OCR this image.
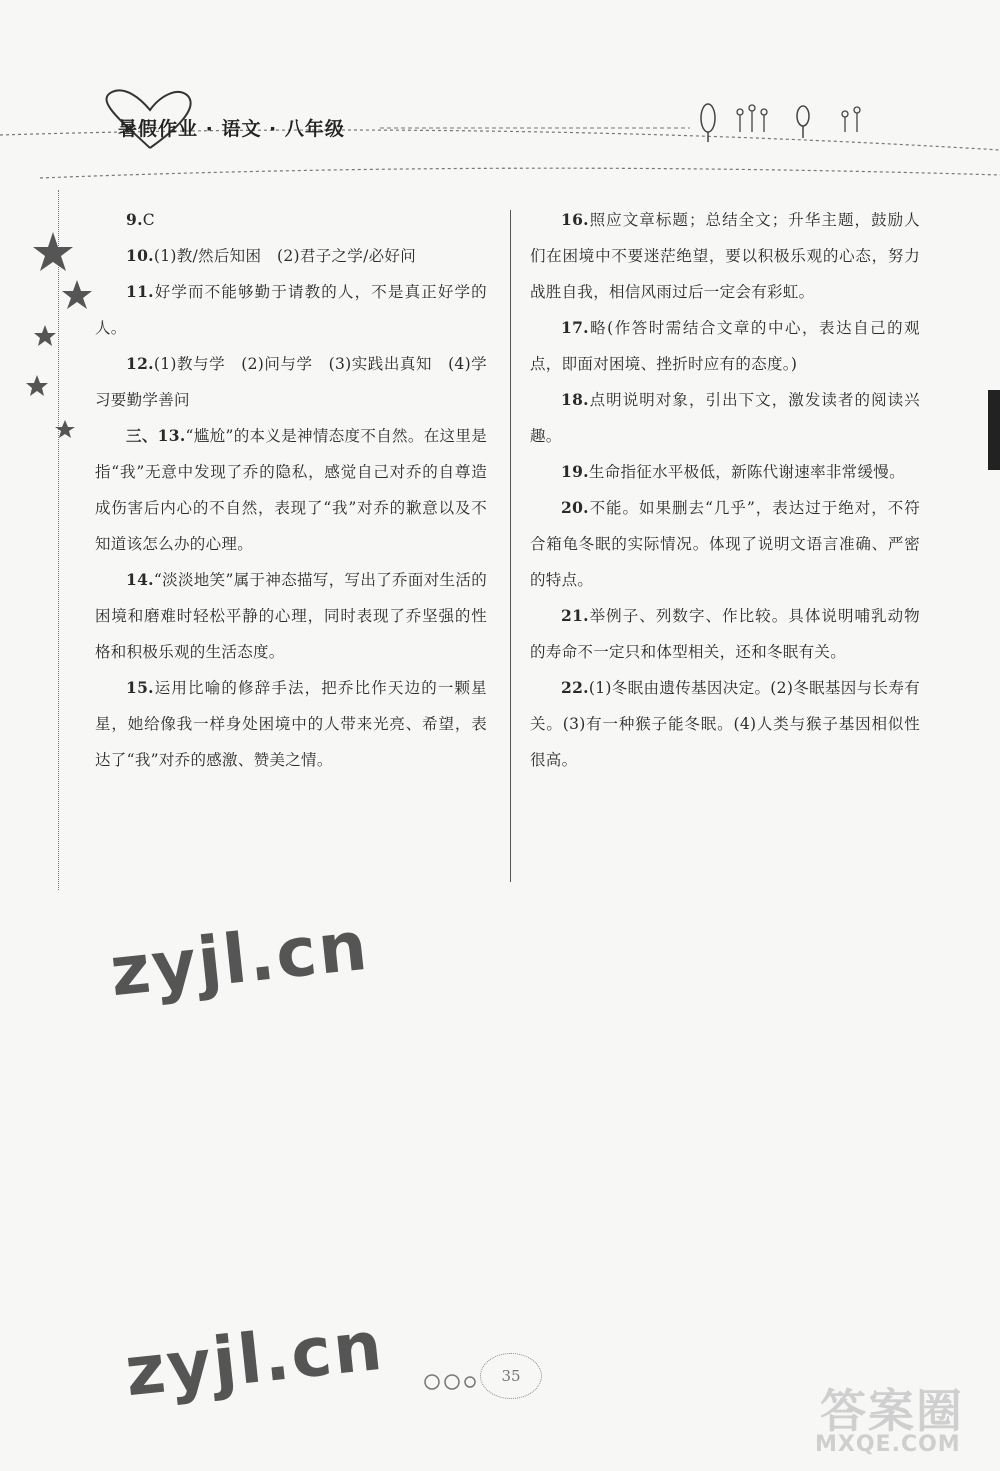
暑假作业 · 语文 · 八年级

9.C

10.(1)教/然后知困　(2)君子之学/必好问

11.好学而不能够勤于请教的人，不是真正好学的人。

12.(1)教与学　(2)问与学　(3)实践出真知　(4)学习要勤学善问

三、13.“尴尬”的本义是神情态度不自然。在这里是指“我”无意中发现了乔的隐私，感觉自己对乔的自尊造成伤害后内心的不自然，表现了“我”对乔的歉意以及不知道该怎么办的心理。

14.“淡淡地笑”属于神态描写，写出了乔面对生活的困境和磨难时轻松平静的心理，同时表现了乔坚强的性格和积极乐观的生活态度。

15.运用比喻的修辞手法，把乔比作天边的一颗星星，她给像我一样身处困境中的人带来光亮、希望，表达了“我”对乔的感激、赞美之情。

16.照应文章标题；总结全文；升华主题，鼓励人们在困境中不要迷茫绝望，要以积极乐观的心态，努力战胜自我，相信风雨过后一定会有彩虹。

17.略(作答时需结合文章的中心，表达自己的观点，即面对困境、挫折时应有的态度。)

18.点明说明对象，引出下文，激发读者的阅读兴趣。

19.生命指征水平极低，新陈代谢速率非常缓慢。

20.不能。如果删去“几乎”，表达过于绝对，不符合箱龟冬眠的实际情况。体现了说明文语言准确、严密的特点。

21.举例子、列数字、作比较。具体说明哺乳动物的寿命不一定只和体型相关，还和冬眠有关。

22.(1)冬眠由遗传基因决定。(2)冬眠基因与长寿有关。(3)有一种猴子能冬眠。(4)人类与猴子基因相似性很高。

zyjl.cn
zyjl.cn	35
答案圈
MXQE.COM
